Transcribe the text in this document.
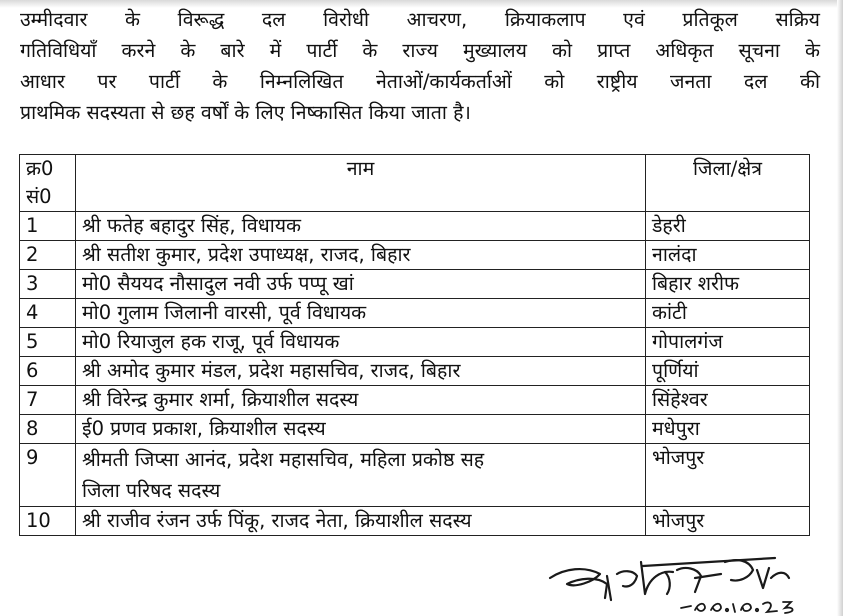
उम्मीदवार के विरूद्ध दल विरोधी आचरण, क्रियाकलाप एवं प्रतिकूल सक्रिय
गतिविधियाँ करने के बारे में पार्टी के राज्य मुख्यालय को प्राप्त अधिकृत सूचना के
आधार पर पार्टी के निम्नलिखित नेताओं/कार्यकर्ताओं को राष्ट्रीय जनता दल की
प्राथमिक सदस्यता से छह वर्षों के लिए निष्कासित किया जाता है।
क्र0
सं0	नाम	जिला/क्षेत्र
1	श्री फतेह बहादुर सिंह, विधायक	डेहरी
2	श्री सतीश कुमार, प्रदेश उपाध्यक्ष, राजद, बिहार	नालंदा
3	मो0 सैययद नौसादुल नवी उर्फ पप्पू खां	बिहार शरीफ
4	मो0 गुलाम जिलानी वारसी, पूर्व विधायक	कांटी
5	मो0 रियाजुल हक राजू, पूर्व विधायक	गोपालगंज
6	श्री अमोद कुमार मंडल, प्रदेश महासचिव, राजद, बिहार	पूर्णियां
7	श्री विरेन्द्र कुमार शर्मा, क्रियाशील सदस्य	सिंहेश्वर
8	ई0 प्रणव प्रकाश, क्रियाशील सदस्य	मधेपुरा
9	श्रीमती जिप्सा आनंद, प्रदेश महासचिव, महिला प्रकोष्ठ सह
जिला परिषद सदस्य	भोजपुर
10	श्री राजीव रंजन उर्फ पिंकू, राजद नेता, क्रियाशील सदस्य	भोजपुर
